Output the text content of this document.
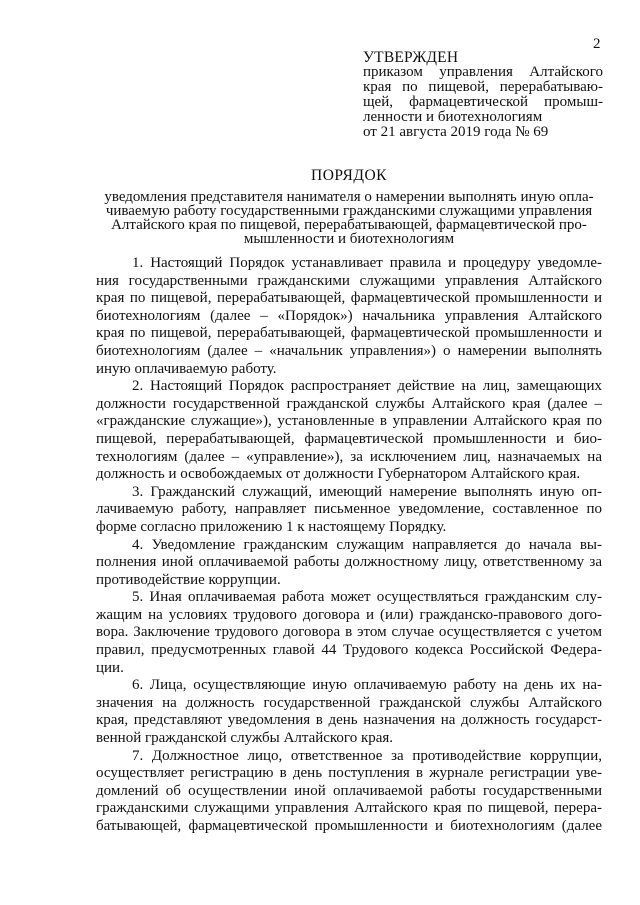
2
УТВЕРЖДЕН
приказом управления Алтайского
края по пищевой, перерабатываю-
щей, фармацевтической промыш-
ленности и биотехнологиям
от 21 августа 2019 года № 69
ПОРЯДОК
уведомления представителя нанимателя о намерении выполнять иную опла-
чиваемую работу государственными гражданскими служащими управления
Алтайского края по пищевой, перерабатывающей, фармацевтической про-
мышленности и биотехнологиям
1. Настоящий Порядок устанавливает правила и процедуру уведомле-
ния государственными гражданскими служащими управления Алтайского
края по пищевой, перерабатывающей, фармацевтической промышленности и
биотехнологиям (далее – «Порядок») начальника управления Алтайского
края по пищевой, перерабатывающей, фармацевтической промышленности и
биотехнологиям (далее – «начальник управления») о намерении выполнять
иную оплачиваемую работу.
2. Настоящий Порядок распространяет действие на лиц, замещающих
должности государственной гражданской службы Алтайского края (далее –
«гражданские служащие»), установленные в управлении Алтайского края по
пищевой, перерабатывающей, фармацевтической промышленности и био-
технологиям (далее – «управление»), за исключением лиц, назначаемых на
должность и освобождаемых от должности Губернатором Алтайского края.
3. Гражданский служащий, имеющий намерение выполнять иную оп-
лачиваемую работу, направляет письменное уведомление, составленное по
форме согласно приложению 1 к настоящему Порядку.
4. Уведомление гражданским служащим направляется до начала вы-
полнения иной оплачиваемой работы должностному лицу, ответственному за
противодействие коррупции.
5. Иная оплачиваемая работа может осуществляться гражданским слу-
жащим на условиях трудового договора и (или) гражданско-правового дого-
вора. Заключение трудового договора в этом случае осуществляется с учетом
правил, предусмотренных главой 44 Трудового кодекса Российской Федера-
ции.
6. Лица, осуществляющие иную оплачиваемую работу на день их на-
значения на должность государственной гражданской службы Алтайского
края, представляют уведомления в день назначения на должность государст-
венной гражданской службы Алтайского края.
7. Должностное лицо, ответственное за противодействие коррупции,
осуществляет регистрацию в день поступления в журнале регистрации уве-
домлений об осуществлении иной оплачиваемой работы государственными
гражданскими служащими управления Алтайского края по пищевой, перера-
батывающей, фармацевтической промышленности и биотехнологиям (далее
